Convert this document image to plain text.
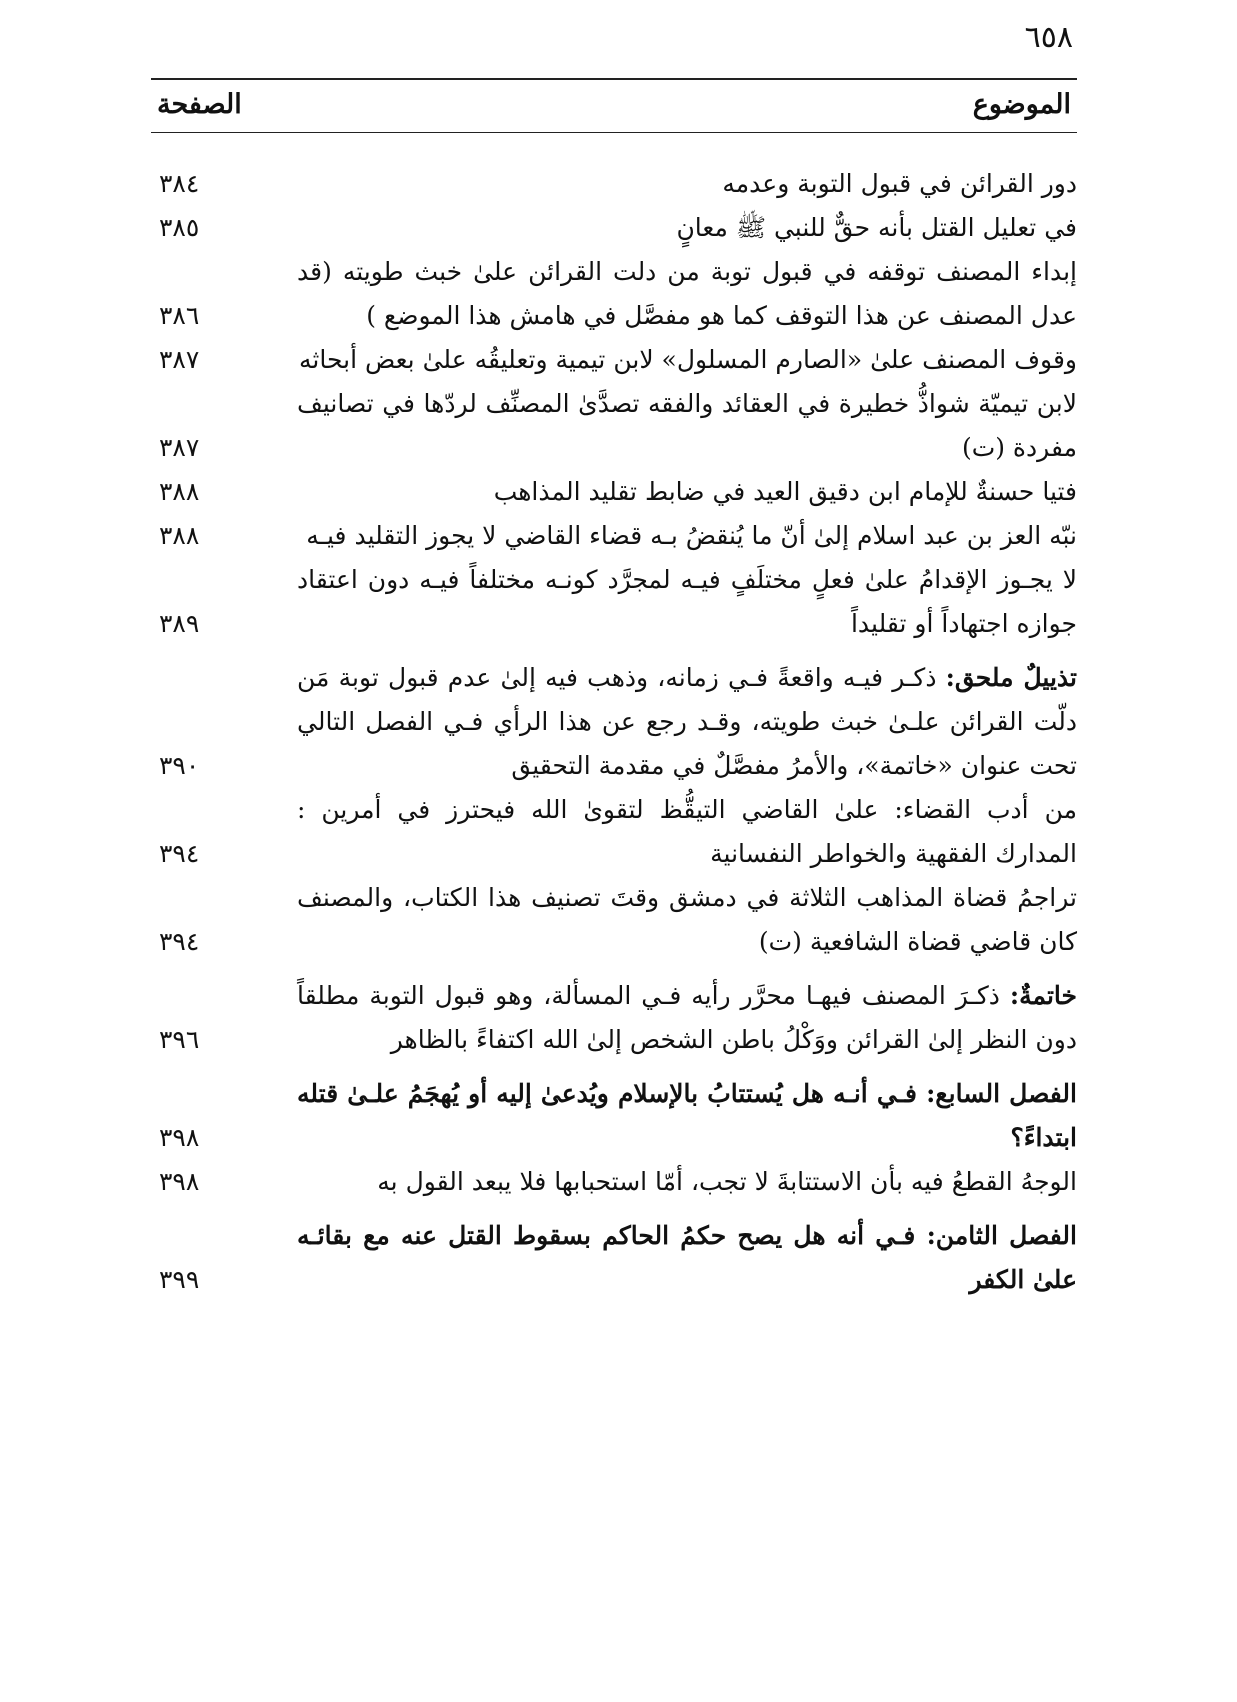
٦٥٨
الموضوع
الصفحة
دور القرائن في قبول التوبة وعدمه
٣٨٤
في تعليل القتل بأنه حقٌّ للنبي ﷺ معانٍ
٣٨٥
إبداء المصنف توقفه في قبول توبة من دلت القرائن علىٰ خبث طويته (قد عدل المصنف عن هذا التوقف كما هو مفصَّل في هامش هذا الموضع )
٣٨٦
وقوف المصنف علىٰ «الصارم المسلول» لابن تيمية وتعليقُه علىٰ بعض أبحاثه
٣٨٧
لابن تيميّة شواذُّ خطيرة في العقائد والفقه تصدَّىٰ المصنِّف لردّها في تصانيف مفردة (ت)
٣٨٧
فتيا حسنةٌ للإمام ابن دقيق العيد في ضابط تقليد المذاهب
٣٨٨
نبّه العز بن عبد اسلام إلىٰ أنّ ما يُنقضُ بـه قضاء القاضي لا يجوز التقليد فيـه
٣٨٨
لا يجـوز الإقدامُ علىٰ فعلٍ مختلَفٍ فيـه لمجرَّد كونـه مختلفاً فيـه دون اعتقاد جوازه اجتهاداً أو تقليداً
٣٨٩
تذييلٌ ملحق: ذكـر فيـه واقعةً فـي زمانه، وذهب فيه إلىٰ عدم قبول توبة مَن دلّت القرائن علـىٰ خبث طويته، وقـد رجع عن هذا الرأي فـي الفصل التالي تحت عنوان «خاتمة»، والأمرُ مفصَّلٌ في مقدمة التحقيق
٣٩٠
من أدب القضاء: علىٰ القاضي التيقُّظ لتقوىٰ الله فيحترز في أمرين : المدارك الفقهية والخواطر النفسانية
٣٩٤
تراجمُ قضاة المذاهب الثلاثة في دمشق وقتَ تصنيف هذا الكتاب، والمصنف كان قاضي قضاة الشافعية (ت)
٣٩٤
خاتمةٌ: ذكـرَ المصنف فيهـا محرَّر رأيه فـي المسألة، وهو قبول التوبة مطلقاً دون النظر إلىٰ القرائن ووَكْلُ باطن الشخص إلىٰ الله اكتفاءً بالظاهر
٣٩٦
الفصل السابع: فـي أنـه هل يُستتابُ بالإسلام ويُدعىٰ إليه أو يُهجَمُ علـىٰ قتله ابتداءً؟
٣٩٨
الوجهُ القطعُ فيه بأن الاستتابةَ لا تجب، أمّا استحبابها فلا يبعد القول به
٣٩٨
الفصل الثامن: فـي أنه هل يصح حكمُ الحاكم بسقوط القتل عنه مع بقائـه علىٰ الكفر
٣٩٩
